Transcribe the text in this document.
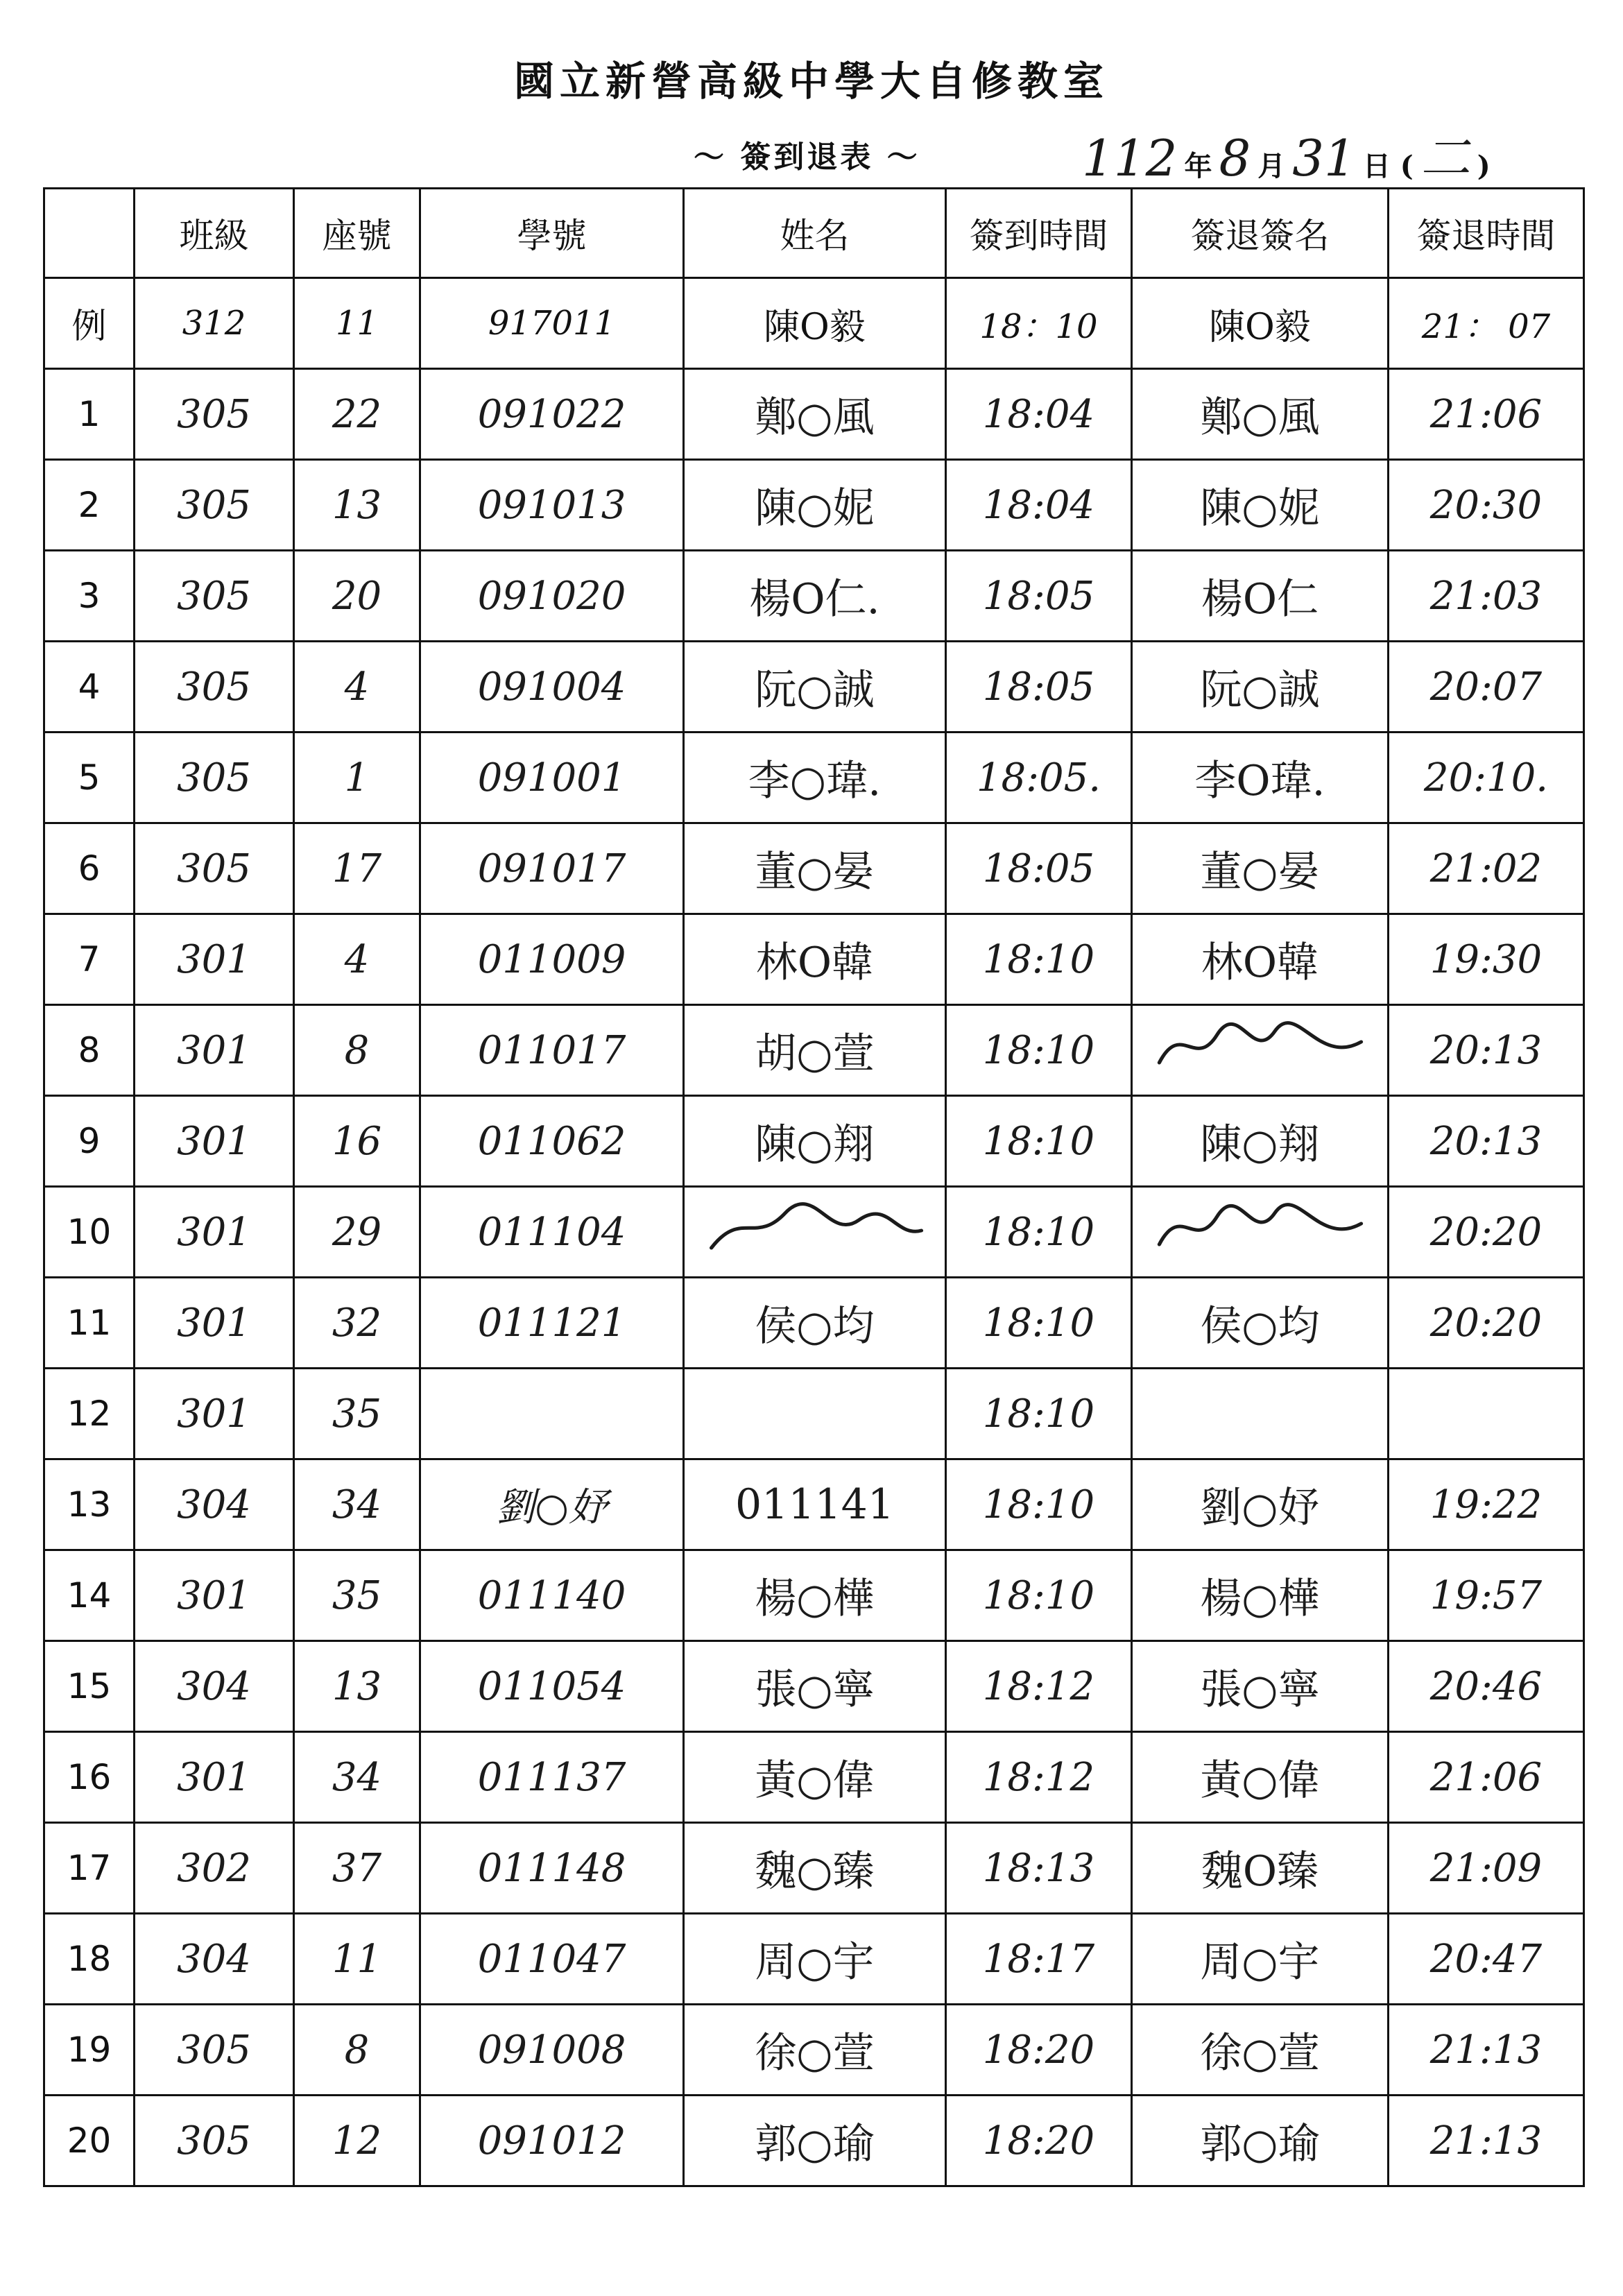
國立新營高級中學大自修教室
～ 簽到退表 ～	112 年 8 月 31 日 ( 二 )
	班級	座號	學號	姓名	簽到時間	簽退簽名	簽退時間
例	312	11	917011	陳O毅	18：10	陳O毅	21： 07
1	305	22	091022	鄭○風	18:04	鄭○風	21:06
2	305	13	091013	陳○妮	18:04	陳○妮	20:30
3	305	20	091020	楊O仁.	18:05	楊O仁	21:03
4	305	4	091004	阮○誠	18:05	阮○誠	20:07
5	305	1	091001	李○瑋.	18:05.	李O瑋.	20:10.
6	305	17	091017	董○晏	18:05	董○晏	21:02
7	301	4	011009	林O韓	18:10	林O韓	19:30
8	301	8	011017	胡○萱	18:10		20:13
9	301	16	011062	陳○翔	18:10	陳○翔	20:13
10	301	29	011104		18:10		20:20
11	301	32	011121	侯○均	18:10	侯○均	20:20
12	301	35			18:10		
13	304	34	劉○妤	011141	18:10	劉○妤	19:22
14	301	35	011140	楊○樺	18:10	楊○樺	19:57
15	304	13	011054	張○寧	18:12	張○寧	20:46
16	301	34	011137	黃○偉	18:12	黃○偉	21:06
17	302	37	011148	魏○臻	18:13	魏O臻	21:09
18	304	11	011047	周○宇	18:17	周○宇	20:47
19	305	8	091008	徐○萱	18:20	徐○萱	21:13
20	305	12	091012	郭○瑜	18:20	郭○瑜	21:13
